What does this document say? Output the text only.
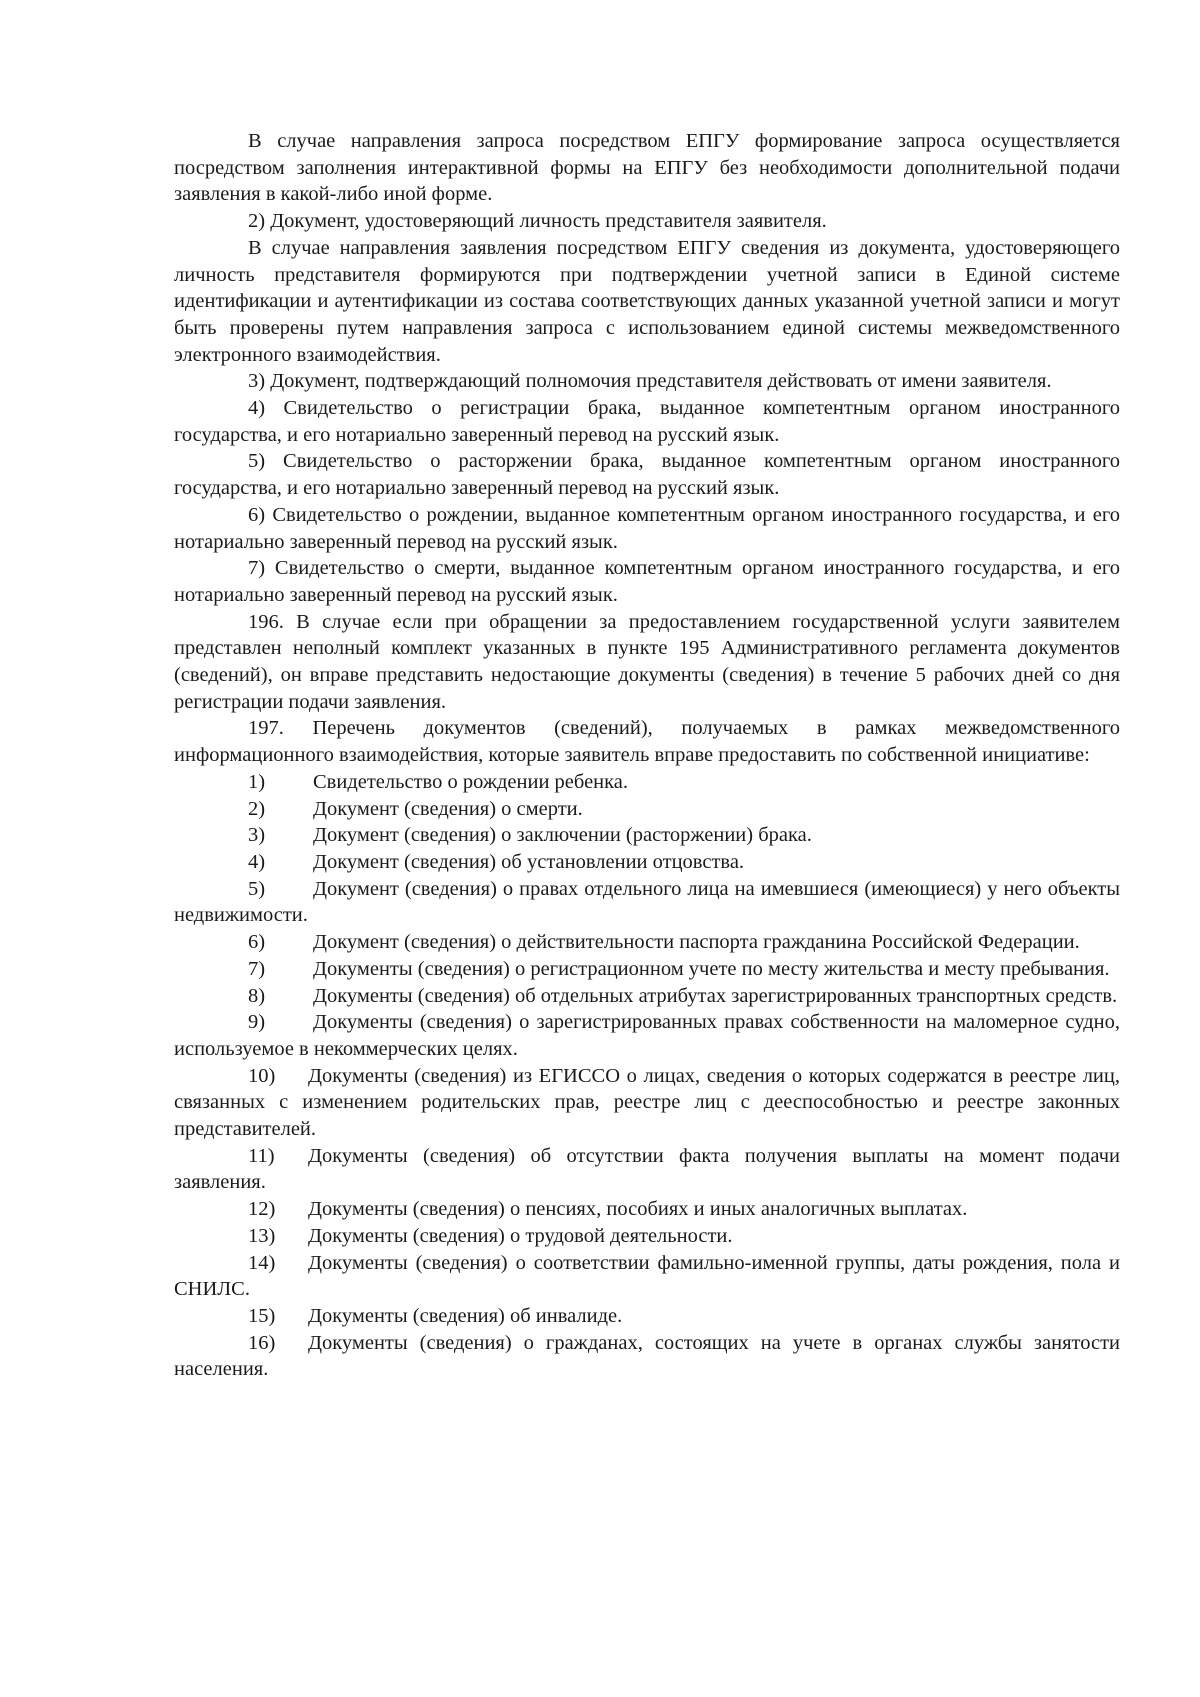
В случае направления запроса посредством ЕПГУ формирование запроса осуществляется посредством заполнения интерактивной формы на ЕПГУ без необходимости дополнительной подачи заявления в какой-либо иной форме.

2) Документ, удостоверяющий личность представителя заявителя.

В случае направления заявления посредством ЕПГУ сведения из документа, удостоверяющего личность представителя формируются при подтверждении учетной записи в Единой системе идентификации и аутентификации из состава соответствующих данных указанной учетной записи и могут быть проверены путем направления запроса с использованием единой системы межведомственного электронного взаимодействия.

3) Документ, подтверждающий полномочия представителя действовать от имени заявителя.

4) Свидетельство о регистрации брака, выданное компетентным органом иностранного государства, и его нотариально заверенный перевод на русский язык.

5) Свидетельство о расторжении брака, выданное компетентным органом иностранного государства, и его нотариально заверенный перевод на русский язык.

6) Свидетельство о рождении, выданное компетентным органом иностранного государства, и его нотариально заверенный перевод на русский язык.

7) Свидетельство о смерти, выданное компетентным органом иностранного государства, и его нотариально заверенный перевод на русский язык.

196. В случае если при обращении за предоставлением государственной услуги заявителем представлен неполный комплект указанных в пункте 195 Административного регламента документов (сведений), он вправе представить недостающие документы (сведения) в течение 5 рабочих дней со дня регистрации подачи заявления.

197. Перечень документов (сведений), получаемых в рамках межведомственного информационного взаимодействия, которые заявитель вправе предоставить по собственной инициативе:

1) Свидетельство о рождении ребенка.

2) Документ (сведения) о смерти.

3) Документ (сведения) о заключении (расторжении) брака.

4) Документ (сведения) об установлении отцовства.

5) Документ (сведения) о правах отдельного лица на имевшиеся (имеющиеся) у него объекты недвижимости.

6) Документ (сведения) о действительности паспорта гражданина Российской Федерации.

7) Документы (сведения) о регистрационном учете по месту жительства и месту пребывания.

8) Документы (сведения) об отдельных атрибутах зарегистрированных транспортных средств.

9) Документы (сведения) о зарегистрированных правах собственности на маломерное судно, используемое в некоммерческих целях.

10) Документы (сведения) из ЕГИССО о лицах, сведения о которых содержатся в реестре лиц, связанных с изменением родительских прав, реестре лиц с дееспособностью и реестре законных представителей.

11) Документы (сведения) об отсутствии факта получения выплаты на момент подачи заявления.

12) Документы (сведения) о пенсиях, пособиях и иных аналогичных выплатах.

13) Документы (сведения) о трудовой деятельности.

14) Документы (сведения) о соответствии фамильно-именной группы, даты рождения, пола и СНИЛС.

15) Документы (сведения) об инвалиде.

16) Документы (сведения) о гражданах, состоящих на учете в органах службы занятости населения.
